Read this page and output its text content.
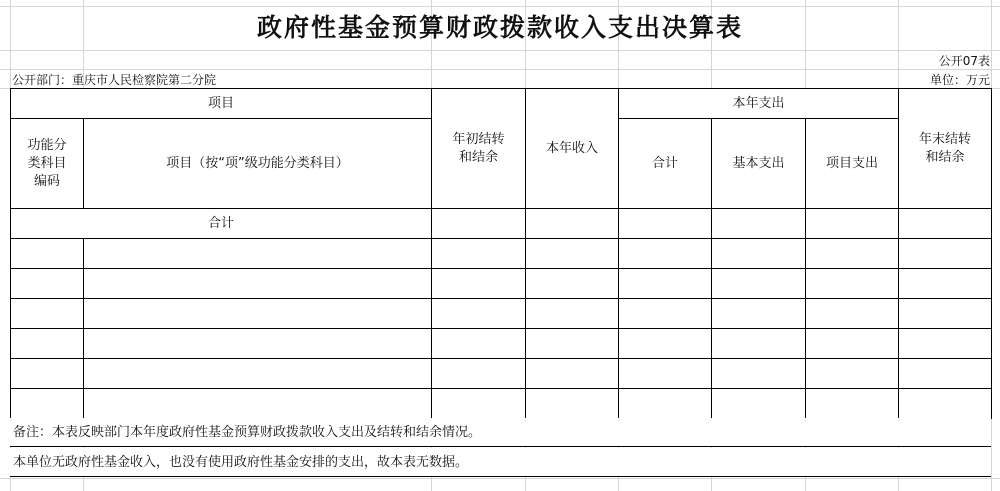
政府性基金预算财政拨款收入支出决算表
公开07表
公开部门：重庆市人民检察院第二分院	单位：万元
项目		年初结转和结余	本年收入	本年支出			年末结转和结余

功能分类科目编码	项目（按“项”级功能分类科目）			合计	基本支出	项目支出	
合计							

备注：本表反映部门本年度政府性基金预算财政拨款收入支出及结转和结余情况。
本单位无政府性基金收入，也没有使用政府性基金安排的支出，故本表无数据。
